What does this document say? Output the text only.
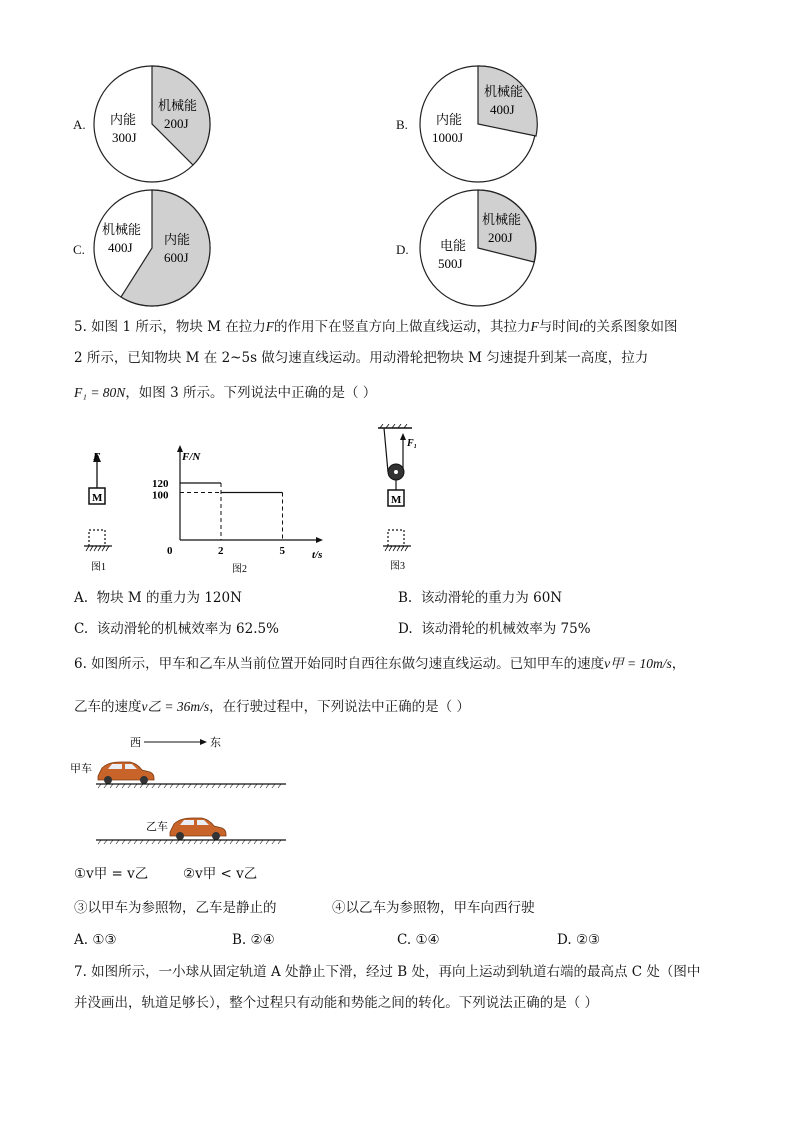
A. 内能
300J
机械能
200J	B. 内能
1000J
机械能
400J
C.
机械能
400J
内能
600J
D. 电能
500J
机械能
200J
5. 如图 1 所示，物块 M 在拉力F的作用下在竖直方向上做直线运动，其拉力F与时间t的关系图象如图
2 所示，已知物块 M 在 2~5s 做匀速直线运动。用动滑轮把物块 M 匀速提升到某一高度，拉力
F₁ = 80N，如图 3 所示。下列说法中正确的是（ ）
F
M
图1
F/N
t/s
120
100
0	2	5
图2
F₁
M
图3
A. 物块 M 的重力为 120N	B. 该动滑轮的重力为 60N
C. 该动滑轮的机械效率为 62.5%	D. 该动滑轮的机械效率为 75%
6. 如图所示，甲车和乙车从当前位置开始同时自西往东做匀速直线运动。已知甲车的速度v甲 = 10m/s，
乙车的速度v乙 = 36m/s，在行驶过程中，下列说法中正确的是（ ）
西	东
甲车
乙车
①v甲 = v乙	②v甲 < v乙
③以甲车为参照物，乙车是静止的	④以乙车为参照物，甲车向西行驶
A. ①③	B. ②④	C. ①④	D. ②③
7. 如图所示，一小球从固定轨道 A 处静止下滑，经过 B 处，再向上运动到轨道右端的最高点 C 处（图中
并没画出，轨道足够长），整个过程只有动能和势能之间的转化。下列说法正确的是（ ）
